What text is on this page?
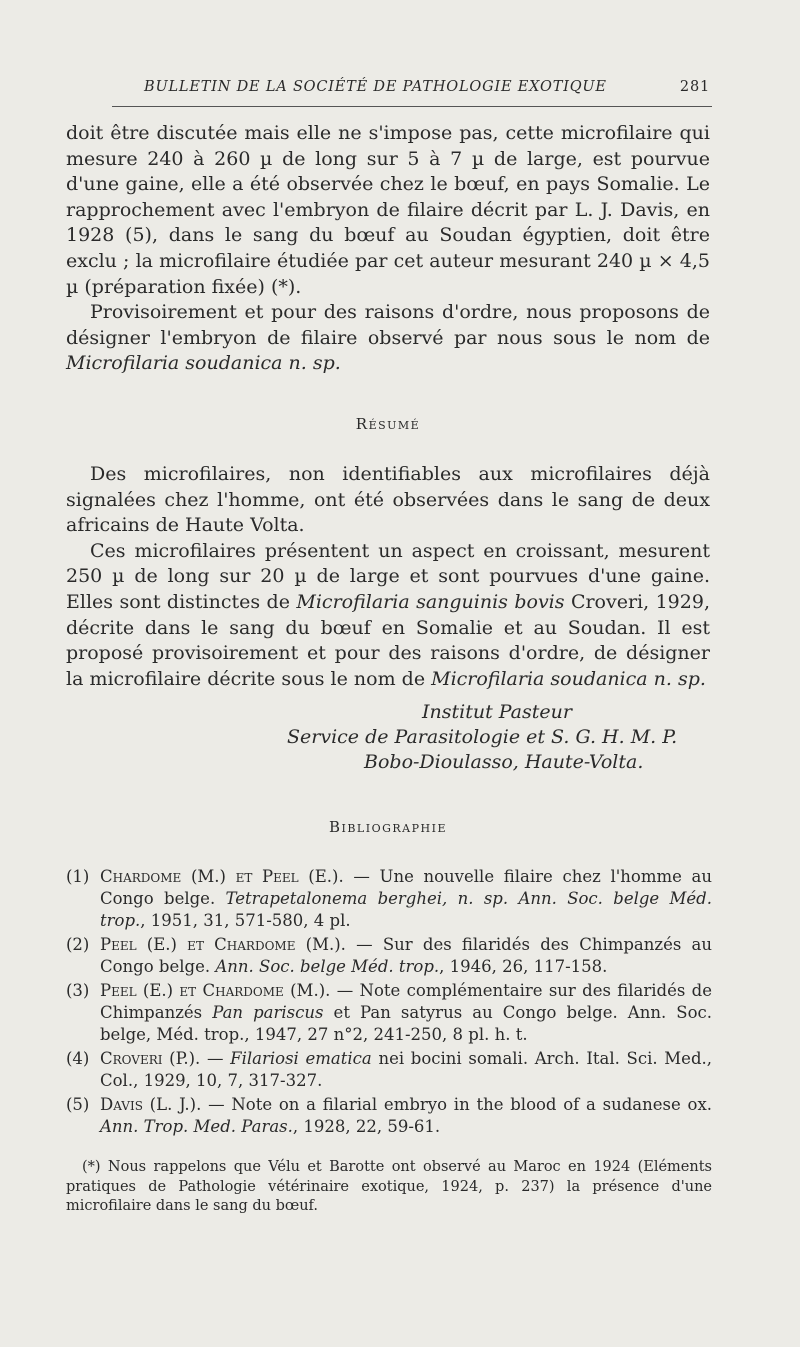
BULLETIN DE LA SOCIÉTÉ DE PATHOLOGIE EXOTIQUE	281

doit être discutée mais elle ne s'impose pas, cette microfilaire qui mesure 240 à 260 µ de long sur 5 à 7 µ de large, est pourvue d'une gaine, elle a été observée chez le bœuf, en pays Somalie. Le rapprochement avec l'embryon de filaire décrit par L. J. Davis, en 1928 (5), dans le sang du bœuf au Soudan égyptien, doit être exclu ; la microfilaire étudiée par cet auteur mesurant 240 µ × 4,5 µ (préparation fixée) (*).

Provisoirement et pour des raisons d'ordre, nous proposons de désigner l'embryon de filaire observé par nous sous le nom de Microfilaria soudanica n. sp.

Résumé

Des microfilaires, non identifiables aux microfilaires déjà signalées chez l'homme, ont été observées dans le sang de deux africains de Haute Volta.

Ces microfilaires présentent un aspect en croissant, mesurent 250 µ de long sur 20 µ de large et sont pourvues d'une gaine. Elles sont distinctes de Microfilaria sanguinis bovis Croveri, 1929, décrite dans le sang du bœuf en Somalie et au Soudan. Il est proposé provisoirement et pour des raisons d'ordre, de désigner la microfilaire décrite sous le nom de Microfilaria soudanica n. sp.

Institut Pasteur
Service de Parasitologie et S. G. H. M. P.
Bobo-Dioulasso, Haute-Volta.
Bibliographie
(1) Chardome (M.) et Peel (E.). — Une nouvelle filaire chez l'homme au Congo belge. Tetrapetalonema berghei, n. sp. Ann. Soc. belge Méd. trop., 1951, 31, 571-580, 4 pl.
(2) Peel (E.) et Chardome (M.). — Sur des filaridés des Chimpanzés au Congo belge. Ann. Soc. belge Méd. trop., 1946, 26, 117-158.
(3) Peel (E.) et Chardome (M.). — Note complémentaire sur des filaridés de Chimpanzés Pan pariscus et Pan satyrus au Congo belge. Ann. Soc. belge, Méd. trop., 1947, 27 n°2, 241-250, 8 pl. h. t.
(4) Croveri (P.). — Filariosi ematica nei bocini somali. Arch. Ital. Sci. Med., Col., 1929, 10, 7, 317-327.
(5) Davis (L. J.). — Note on a filarial embryo in the blood of a sudanese ox. Ann. Trop. Med. Paras., 1928, 22, 59-61.

(*) Nous rappelons que Vélu et Barotte ont observé au Maroc en 1924 (Eléments pratiques de Pathologie vétérinaire exotique, 1924, p. 237) la présence d'une microfilaire dans le sang du bœuf.
